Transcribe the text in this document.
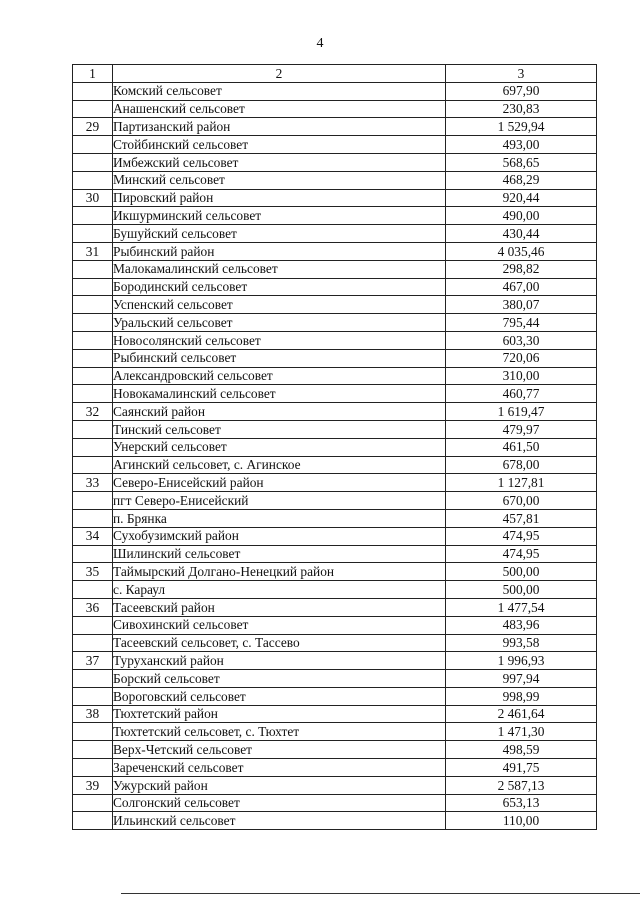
4
1	2	3
	Комский сельсовет	697,90
	Анашенский сельсовет	230,83
29	Партизанский район	1 529,94
	Стойбинский сельсовет	493,00
	Имбежский сельсовет	568,65
	Минский сельсовет	468,29
30	Пировский район	920,44
	Икшурминский сельсовет	490,00
	Бушуйский сельсовет	430,44
31	Рыбинский район	4 035,46
	Малокамалинский сельсовет	298,82
	Бородинский сельсовет	467,00
	Успенский сельсовет	380,07
	Уральский сельсовет	795,44
	Новосолянский сельсовет	603,30
	Рыбинский сельсовет	720,06
	Александровский сельсовет	310,00
	Новокамалинский сельсовет	460,77
32	Саянский район	1 619,47
	Тинский сельсовет	479,97
	Унерский сельсовет	461,50
	Агинский сельсовет, с. Агинское	678,00
33	Северо-Енисейский район	1 127,81
	пгт Северо-Енисейский	670,00
	п. Брянка	457,81
34	Сухобузимский район	474,95
	Шилинский сельсовет	474,95
35	Таймырский Долгано-Ненецкий район	500,00
	с. Караул	500,00
36	Тасеевский район	1 477,54
	Сивохинский сельсовет	483,96
	Тасеевский сельсовет, с. Тассево	993,58
37	Туруханский район	1 996,93
	Борский сельсовет	997,94
	Вороговский сельсовет	998,99
38	Тюхтетский район	2 461,64
	Тюхтетский сельсовет, с. Тюхтет	1 471,30
	Верх-Четский сельсовет	498,59
	Зареченский сельсовет	491,75
39	Ужурский район	2 587,13
	Солгонский сельсовет	653,13
	Ильинский сельсовет	110,00
